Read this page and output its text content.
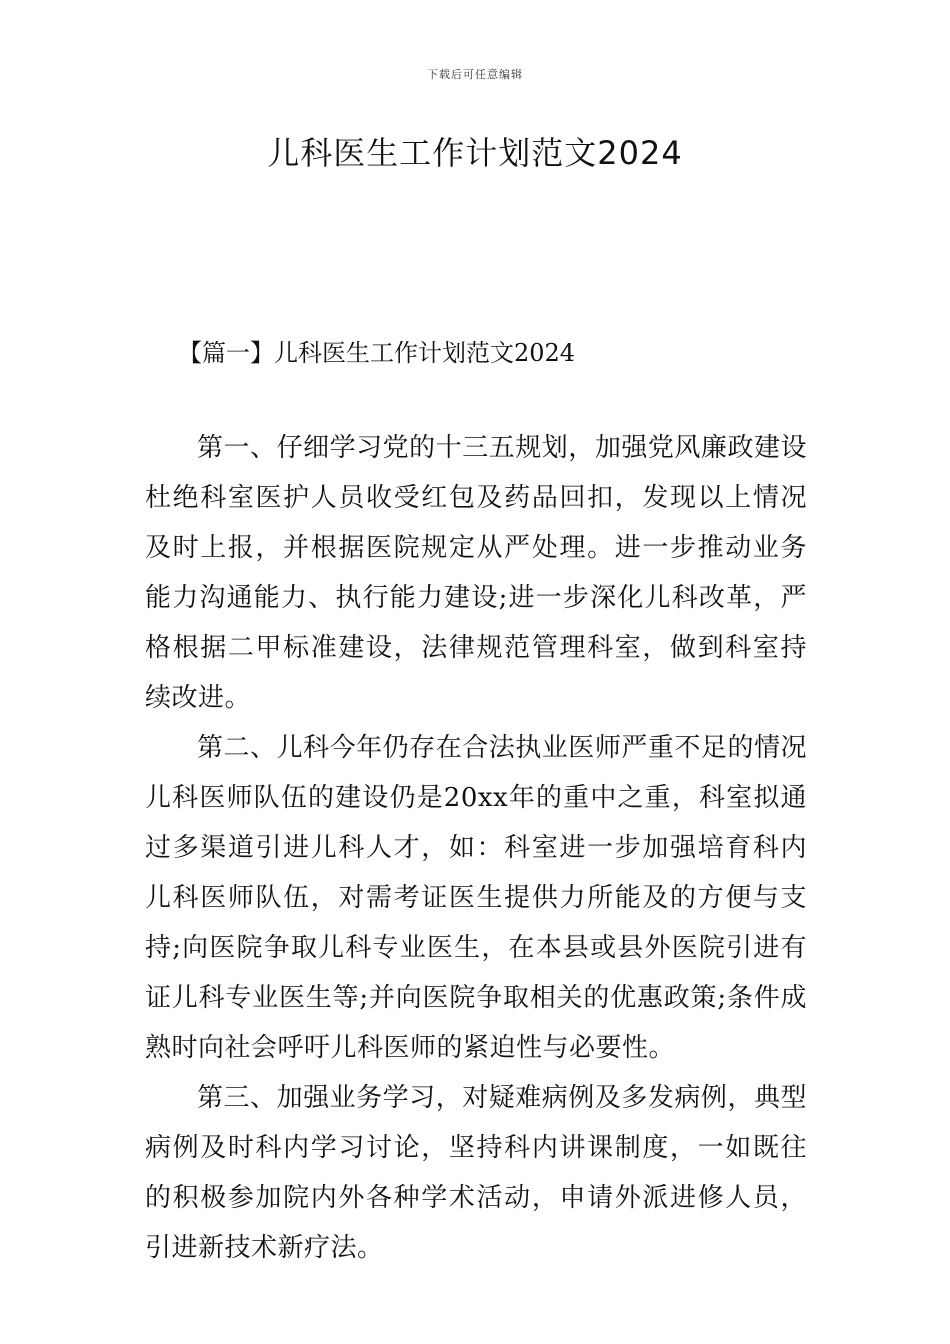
下载后可任意编辑
儿科医生工作计划范文2024
【篇一】儿科医生工作计划范文2024

第一、仔细学习党的十三五规划，加强党风廉政建设杜绝科室医护人员收受红包及药品回扣，发现以上情况及时上报，并根据医院规定从严处理。进一步推动业务能力沟通能力、执行能力建设;进一步深化儿科改革，严格根据二甲标准建设，法律规范管理科室，做到科室持续改进。

第二、儿科今年仍存在合法执业医师严重不足的情况儿科医师队伍的建设仍是20xx年的重中之重，科室拟通过多渠道引进儿科人才，如：科室进一步加强培育科内儿科医师队伍，对需考证医生提供力所能及的方便与支持;向医院争取儿科专业医生，在本县或县外医院引进有证儿科专业医生等;并向医院争取相关的优惠政策;条件成熟时向社会呼吁儿科医师的紧迫性与必要性。

第三、加强业务学习，对疑难病例及多发病例，典型病例及时科内学习讨论，坚持科内讲课制度，一如既往的积极参加院内外各种学术活动，申请外派进修人员，引进新技术新疗法。
